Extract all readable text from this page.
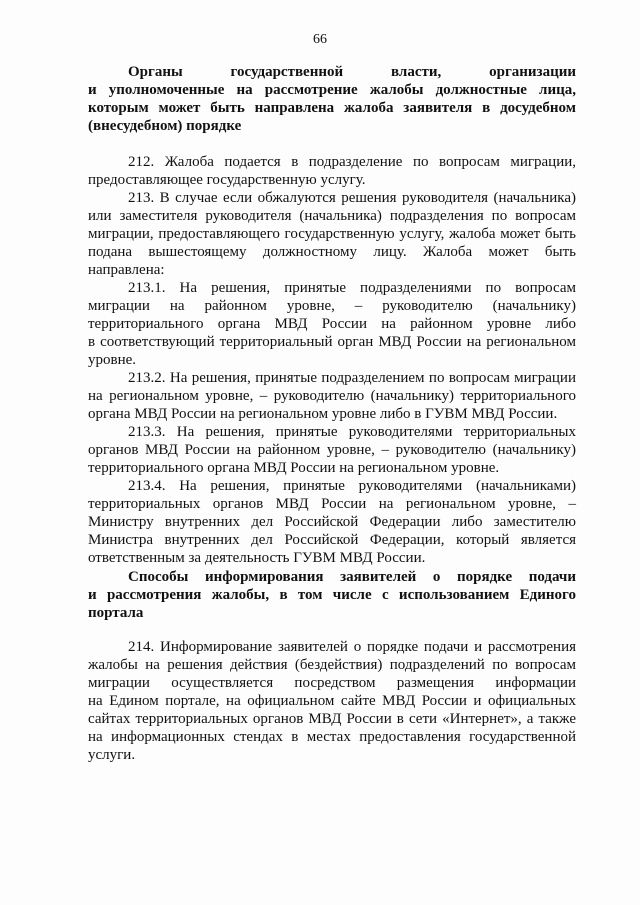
66
Органы государственной власти, организации
и уполномоченные на рассмотрение жалобы должностные лица,
которым может быть направлена жалоба заявителя в досудебном
(внесудебном) порядке
212. Жалоба подается в подразделение по вопросам миграции,
предоставляющее государственную услугу.
213. В случае если обжалуются решения руководителя (начальника)
или заместителя руководителя (начальника) подразделения по вопросам
миграции, предоставляющего государственную услугу, жалоба может быть
подана вышестоящему должностному лицу. Жалоба может быть
направлена:
213.1. На решения, принятые подразделениями по вопросам
миграции на районном уровне, – руководителю (начальнику)
территориального органа МВД России на районном уровне либо
в соответствующий территориальный орган МВД России на региональном
уровне.
213.2. На решения, принятые подразделением по вопросам миграции
на региональном уровне, – руководителю (начальнику) территориального
органа МВД России на региональном уровне либо в ГУВМ МВД России.
213.3. На решения, принятые руководителями территориальных
органов МВД России на районном уровне, – руководителю (начальнику)
территориального органа МВД России на региональном уровне.
213.4. На решения, принятые руководителями (начальниками)
территориальных органов МВД России на региональном уровне, –
Министру внутренних дел Российской Федерации либо заместителю
Министра внутренних дел Российской Федерации, который является
ответственным за деятельность ГУВМ МВД России.
Способы информирования заявителей о порядке подачи
и рассмотрения жалобы, в том числе с использованием Единого
портала
214. Информирование заявителей о порядке подачи и рассмотрения
жалобы на решения действия (бездействия) подразделений по вопросам
миграции осуществляется посредством размещения информации
на Едином портале, на официальном сайте МВД России и официальных
сайтах территориальных органов МВД России в сети «Интернет», а также
на информационных стендах в местах предоставления государственной
услуги.
